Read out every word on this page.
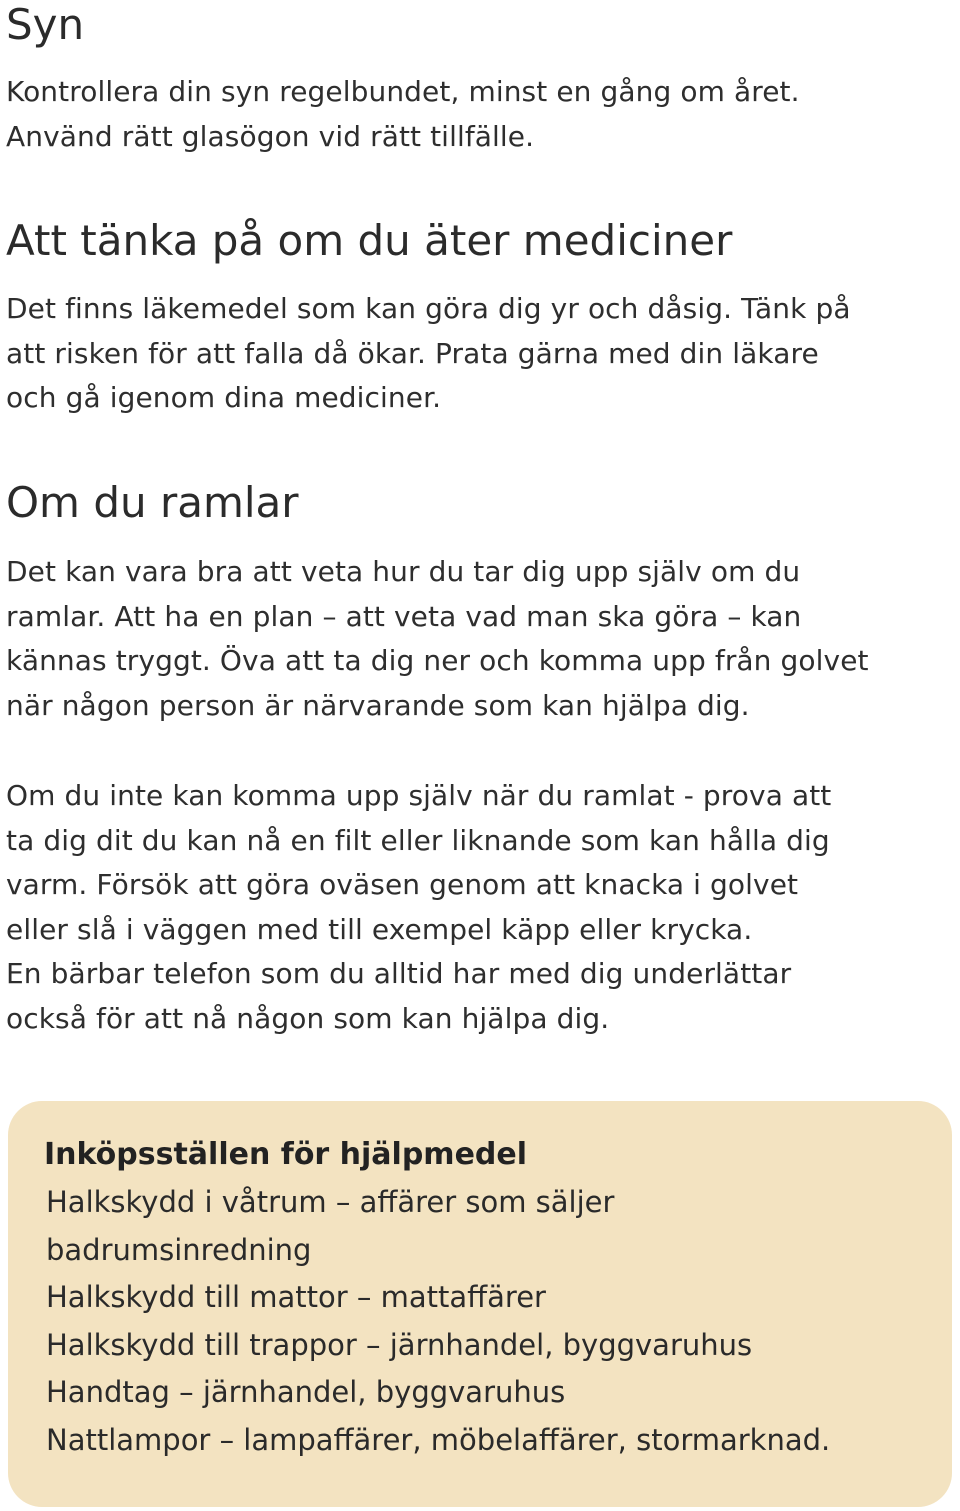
Syn
Kontrollera din syn regelbundet, minst en gång om året.
Använd rätt glasögon vid rätt tillfälle.
Att tänka på om du äter mediciner
Det finns läkemedel som kan göra dig yr och dåsig. Tänk på
att risken för att falla då ökar. Prata gärna med din läkare
och gå igenom dina mediciner.
Om du ramlar
Det kan vara bra att veta hur du tar dig upp själv om du
ramlar. Att ha en plan – att veta vad man ska göra – kan
kännas tryggt. Öva att ta dig ner och komma upp från golvet
när någon person är närvarande som kan hjälpa dig.
Om du inte kan komma upp själv när du ramlat - prova att
ta dig dit du kan nå en filt eller liknande som kan hålla dig
varm. Försök att göra oväsen genom att knacka i golvet
eller slå i väggen med till exempel käpp eller krycka.
En bärbar telefon som du alltid har med dig underlättar
också för att nå någon som kan hjälpa dig.
Inköpsställen för hjälpmedel
Halkskydd i våtrum – affärer som säljer
badrumsinredning
Halkskydd till mattor – mattaffärer
Halkskydd till trappor – järnhandel, byggvaruhus
Handtag – järnhandel, byggvaruhus
Nattlampor – lampaffärer, möbelaffärer, stormarknad.
